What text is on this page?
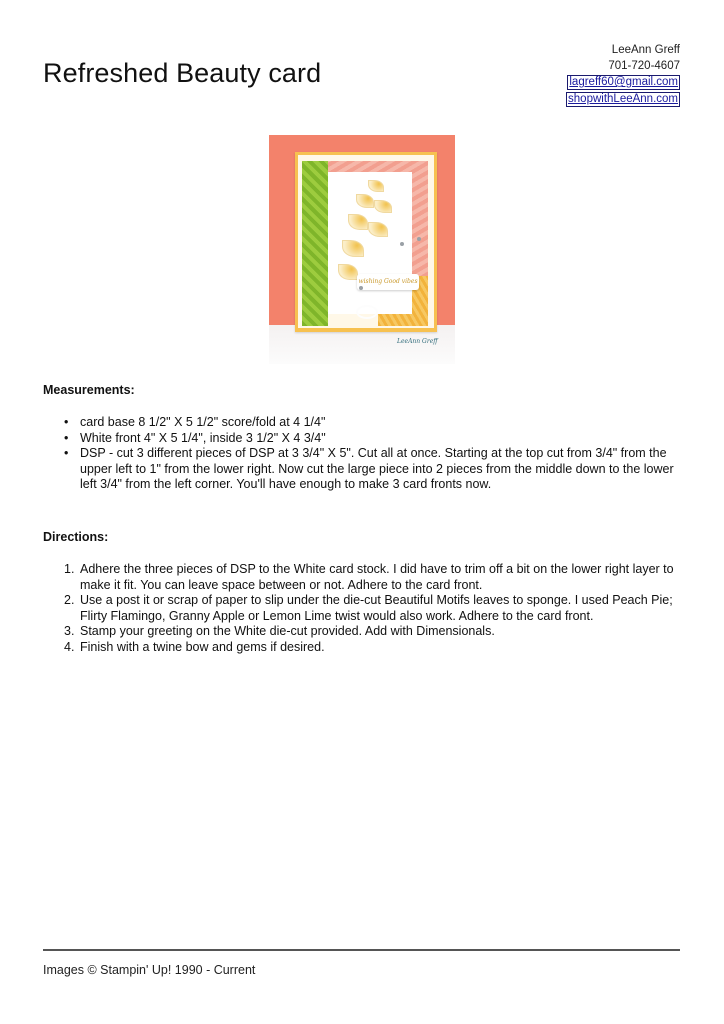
Refreshed Beauty card
LeeAnn Greff
701-720-4607
lagreff60@gmail.com
shopwithLeeAnn.com
wishing Good vibes
LeeAnn Greff
Measurements:
• card base 8 1/2" X 5 1/2" score/fold at 4 1/4"
• White front 4" X 5 1/4", inside 3 1/2" X 4 3/4"
• DSP - cut 3 different pieces of DSP at 3 3/4" X 5". Cut all at once. Starting at the top cut from 3/4" from the upper left to 1" from the lower right. Now cut the large piece into 2 pieces from the middle down to the lower left 3/4" from the left corner. You'll have enough to make 3 card fronts now.
Directions:
1. Adhere the three pieces of DSP to the White card stock. I did have to trim off a bit on the lower right layer to make it fit. You can leave space between or not. Adhere to the card front.
2. Use a post it or scrap of paper to slip under the die-cut Beautiful Motifs leaves to sponge. I used Peach Pie; Flirty Flamingo, Granny Apple or Lemon Lime twist would also work. Adhere to the card front.
3. Stamp your greeting on the White die-cut provided. Add with Dimensionals.
4. Finish with a twine bow and gems if desired.
Images © Stampin' Up! 1990 - Current
